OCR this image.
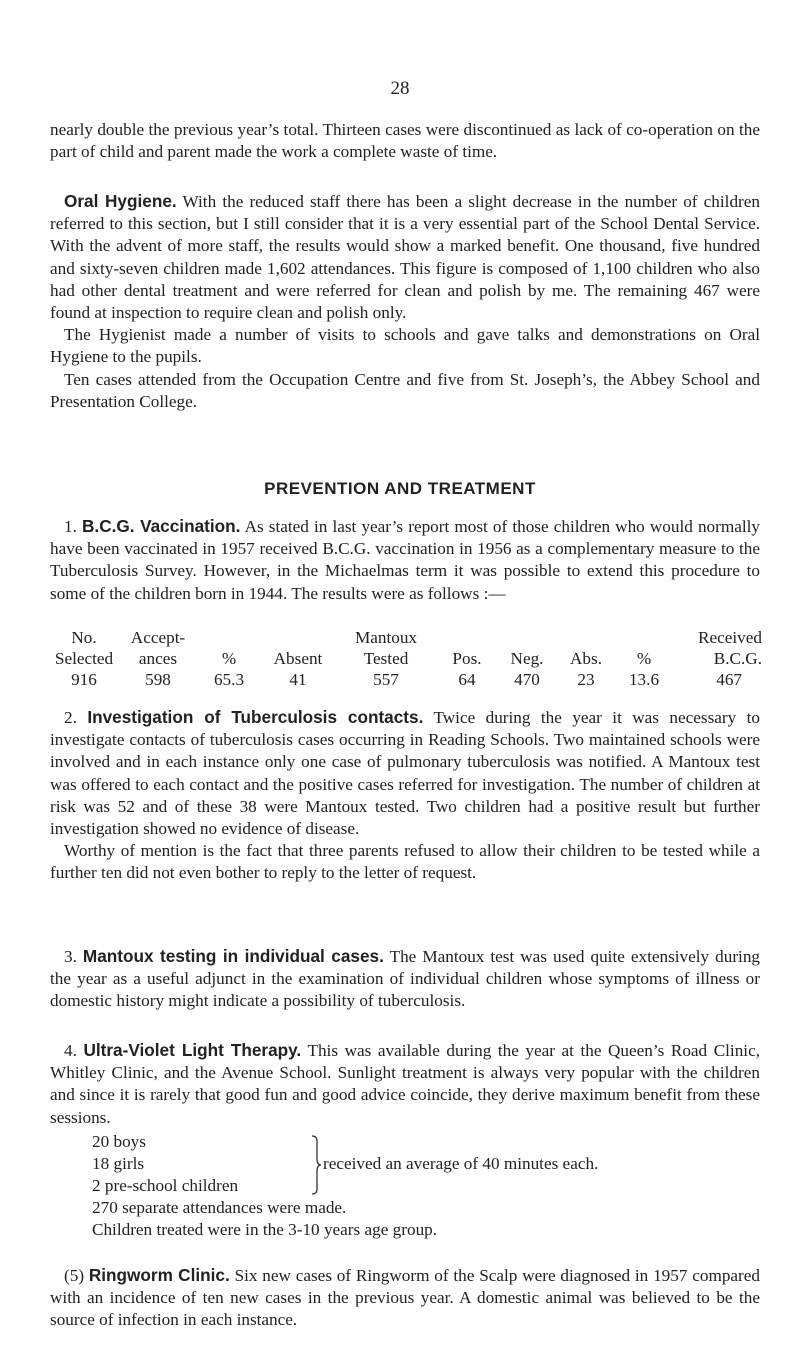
28

nearly double the previous year’s total. Thirteen cases were discontinued as lack of co-operation on the part of child and parent made the work a complete waste of time.

Oral Hygiene. With the reduced staff there has been a slight decrease in the number of children referred to this section, but I still consider that it is a very essential part of the School Dental Service. With the advent of more staff, the results would show a marked benefit. One thousand, five hundred and sixty-seven children made 1,602 attendances. This figure is composed of 1,100 children who also had other dental treatment and were referred for clean and polish by me. The remaining 467 were found at inspection to require clean and polish only.

The Hygienist made a number of visits to schools and gave talks and demonstrations on Oral Hygiene to the pupils.

Ten cases attended from the Occupation Centre and five from St. Joseph’s, the Abbey School and Presentation College.

PREVENTION AND TREATMENT

1. B.C.G. Vaccination. As stated in last year’s report most of those children who would normally have been vaccinated in 1957 received B.C.G. vaccination in 1956 as a complementary measure to the Tuberculosis Survey. However, in the Michaelmas term it was possible to extend this procedure to some of the children born in 1944. The results were as follows :—

No.	Accept-			Mantoux					Received
Selected	ances	%	Absent	Tested	Pos.	Neg.	Abs.	%	B.C.G.
916	598	65.3	41	557	64	470	23	13.6	467

2. Investigation of Tuberculosis contacts. Twice during the year it was necessary to investigate contacts of tuberculosis cases occurring in Reading Schools. Two maintained schools were involved and in each instance only one case of pulmonary tuberculosis was notified. A Mantoux test was offered to each contact and the positive cases referred for investigation. The number of children at risk was 52 and of these 38 were Mantoux tested. Two children had a positive result but further investigation showed no evidence of disease.

Worthy of mention is the fact that three parents refused to allow their children to be tested while a further ten did not even bother to reply to the letter of request.

3. Mantoux testing in individual cases. The Mantoux test was used quite extensively during the year as a useful adjunct in the examination of individual children whose symptoms of illness or domestic history might indicate a possibility of tuberculosis.

4. Ultra-Violet Light Therapy. This was available during the year at the Queen’s Road Clinic, Whitley Clinic, and the Avenue School. Sunlight treatment is always very popular with the children and since it is rarely that good fun and good advice coincide, they derive maximum benefit from these sessions.

20 boys
18 girls
2 pre-school children
received an average of 40 minutes each.
270 separate attendances were made.
Children treated were in the 3-10 years age group.

(5) Ringworm Clinic. Six new cases of Ringworm of the Scalp were diagnosed in 1957 compared with an incidence of ten new cases in the previous year. A domestic animal was believed to be the source of infection in each instance.
